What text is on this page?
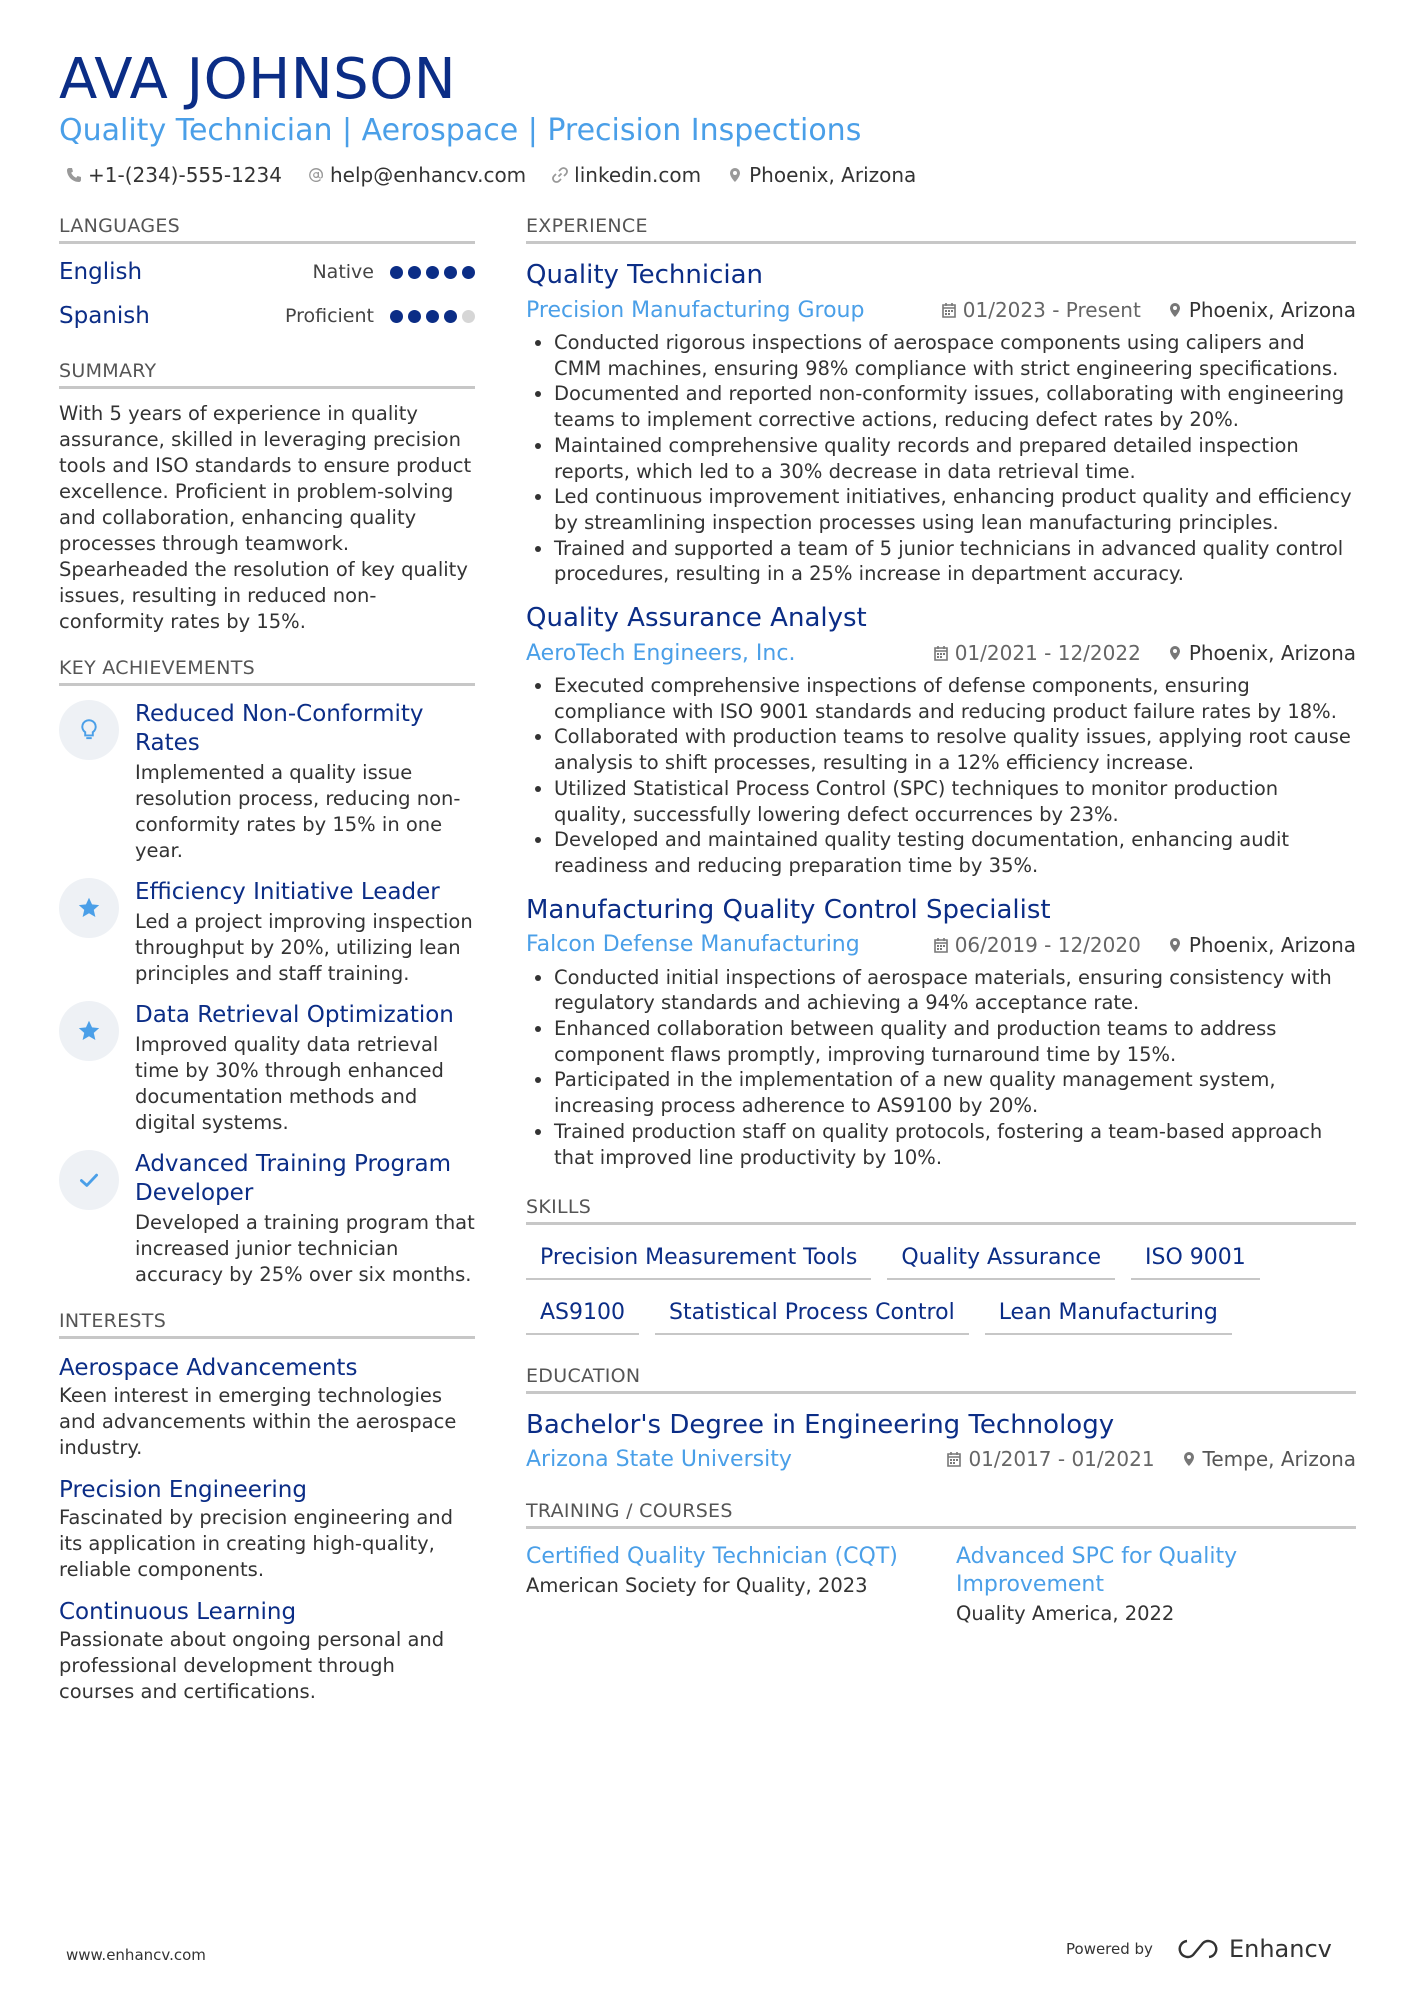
AVA JOHNSON
Quality Technician | Aerospace | Precision Inspections
+1-(234)-555-1234 help@enhancv.com linkedin.com Phoenix, Arizona
LANGUAGES
English	Native
Spanish	Proficient
SUMMARY
With 5 years of experience in quality assurance, skilled in leveraging precision tools and ISO standards to ensure product excellence. Proficient in problem-solving and collaboration, enhancing quality processes through teamwork. Spearheaded the resolution of key quality issues, resulting in reduced non-conformity rates by 15%.
KEY ACHIEVEMENTS
Reduced Non-Conformity Rates
Implemented a quality issue resolution process, reducing non-conformity rates by 15% in one year.
Efficiency Initiative Leader
Led a project improving inspection throughput by 20%, utilizing lean principles and staff training.
Data Retrieval Optimization
Improved quality data retrieval time by 30% through enhanced documentation methods and digital systems.
Advanced Training Program Developer
Developed a training program that increased junior technician accuracy by 25% over six months.
INTERESTS
Aerospace Advancements
Keen interest in emerging technologies and advancements within the aerospace industry.
Precision Engineering
Fascinated by precision engineering and its application in creating high-quality, reliable components.
Continuous Learning
Passionate about ongoing personal and professional development through courses and certifications.
EXPERIENCE
Quality Technician
Precision Manufacturing Group	01/2023 - Present Phoenix, Arizona
• Conducted rigorous inspections of aerospace components using calipers and CMM machines, ensuring 98% compliance with strict engineering specifications.
• Documented and reported non-conformity issues, collaborating with engineering teams to implement corrective actions, reducing defect rates by 20%.
• Maintained comprehensive quality records and prepared detailed inspection reports, which led to a 30% decrease in data retrieval time.
• Led continuous improvement initiatives, enhancing product quality and efficiency by streamlining inspection processes using lean manufacturing principles.
• Trained and supported a team of 5 junior technicians in advanced quality control procedures, resulting in a 25% increase in department accuracy.
Quality Assurance Analyst
AeroTech Engineers, Inc.	01/2021 - 12/2022 Phoenix, Arizona
• Executed comprehensive inspections of defense components, ensuring compliance with ISO 9001 standards and reducing product failure rates by 18%.
• Collaborated with production teams to resolve quality issues, applying root cause analysis to shift processes, resulting in a 12% efficiency increase.
• Utilized Statistical Process Control (SPC) techniques to monitor production quality, successfully lowering defect occurrences by 23%.
• Developed and maintained quality testing documentation, enhancing audit readiness and reducing preparation time by 35%.
Manufacturing Quality Control Specialist
Falcon Defense Manufacturing	06/2019 - 12/2020 Phoenix, Arizona
• Conducted initial inspections of aerospace materials, ensuring consistency with regulatory standards and achieving a 94% acceptance rate.
• Enhanced collaboration between quality and production teams to address component flaws promptly, improving turnaround time by 15%.
• Participated in the implementation of a new quality management system, increasing process adherence to AS9100 by 20%.
• Trained production staff on quality protocols, fostering a team-based approach that improved line productivity by 10%.
SKILLS
Precision Measurement Tools	Quality Assurance	ISO 9001
AS9100	Statistical Process Control	Lean Manufacturing
EDUCATION
Bachelor's Degree in Engineering Technology
Arizona State University	01/2017 - 01/2021 Tempe, Arizona
TRAINING / COURSES
Certified Quality Technician (CQT)
American Society for Quality, 2023
Advanced SPC for Quality Improvement
Quality America, 2022
www.enhancv.com	Powered by	Enhancv
